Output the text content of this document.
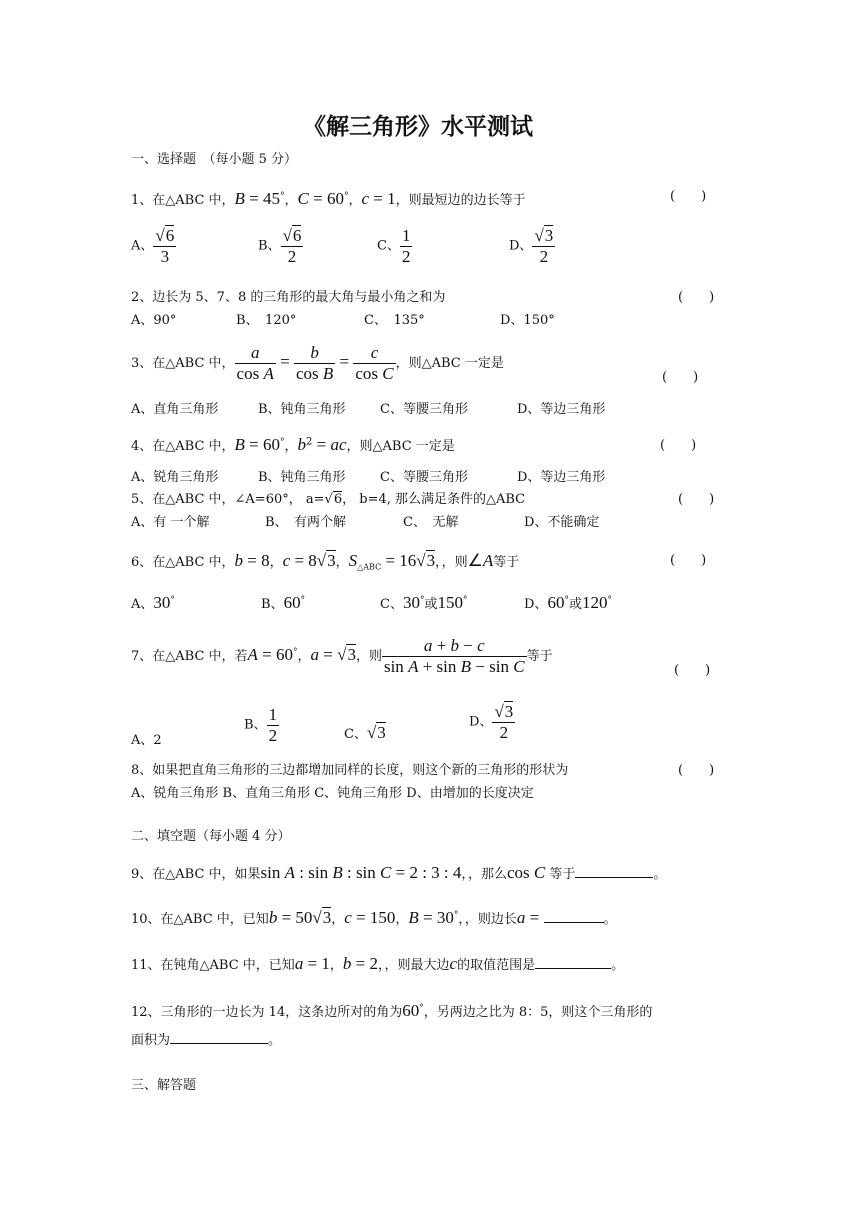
《解三角形》水平测试
一、选择题　（每小题 5 分）
1、在△ABC 中，B = 45°，C = 60°，c = 1，则最短边的边长等于	(　　)
A、 $\frac{√6}{3}$	B、 $\frac{√6}{2}$	C、 $\frac{1}{2}$	D、 $\frac{√3}{2}$
2、边长为 5、7、8 的三角形的最大角与最小角之和为	(　　)
A、90°	B、　120°	C、　135°	D、150°
3、在△ABC 中， $\frac{a}{\text{cos A}} = \frac{b}{\text{cos B}} = \frac{c}{\text{cos C}}$ ，则△ABC 一定是
(　　)
A、直角三角形	B、钝角三角形	C、等腰三角形	D、等边三角形
4、在△ABC 中，B = 60°，$b^2$ = ac，则△ABC 一定是	(　　)
A、锐角三角形	B、钝角三角形	C、等腰三角形	D、等边三角形
5、在△ABC 中，∠A=60°， a=√6， b=4, 那么满足条件的△ABC	(　　)
A、有 一个解	B、　有两个解	C、　无解	D、不能确定
6、在△ABC 中，b = 8，c = 8√3，$S_{\triangle ABC} = 16√3$，，则∠A等于	(　　)
A、30°	B、60°	C、30°或150°	D、60°或120°
7、在△ABC 中，若A = 60°，a = √3，则 $\frac{a + b - c}{\text{sin A + sin B − sin C}}$ 等于
(　　)
A、2
B、 $\frac{1}{2}$	C、√3
D、 $\frac{√3}{2}$
8、如果把直角三角形的三边都增加同样的长度，则这个新的三角形的形状为	(　　)
A、锐角三角形 B、直角三角形 C、钝角三角形 D、由增加的长度决定
二、填空题（每小题 4 分）
9、在△ABC 中，如果sin A : sin B : sin C = 2 : 3 : 4，，那么cos C 等于	。
10、在△ABC 中，已知b = 50√3，c = 150，B = 30°，，则边长a =	。
11、在钝角△ABC 中，已知a = 1，b = 2，，则最大边c的取值范围是	。
12、三角形的一边长为 14，这条边所对的角为60°，另两边之比为 8：5，则这个三角形的
面积为	。
三、解答题
